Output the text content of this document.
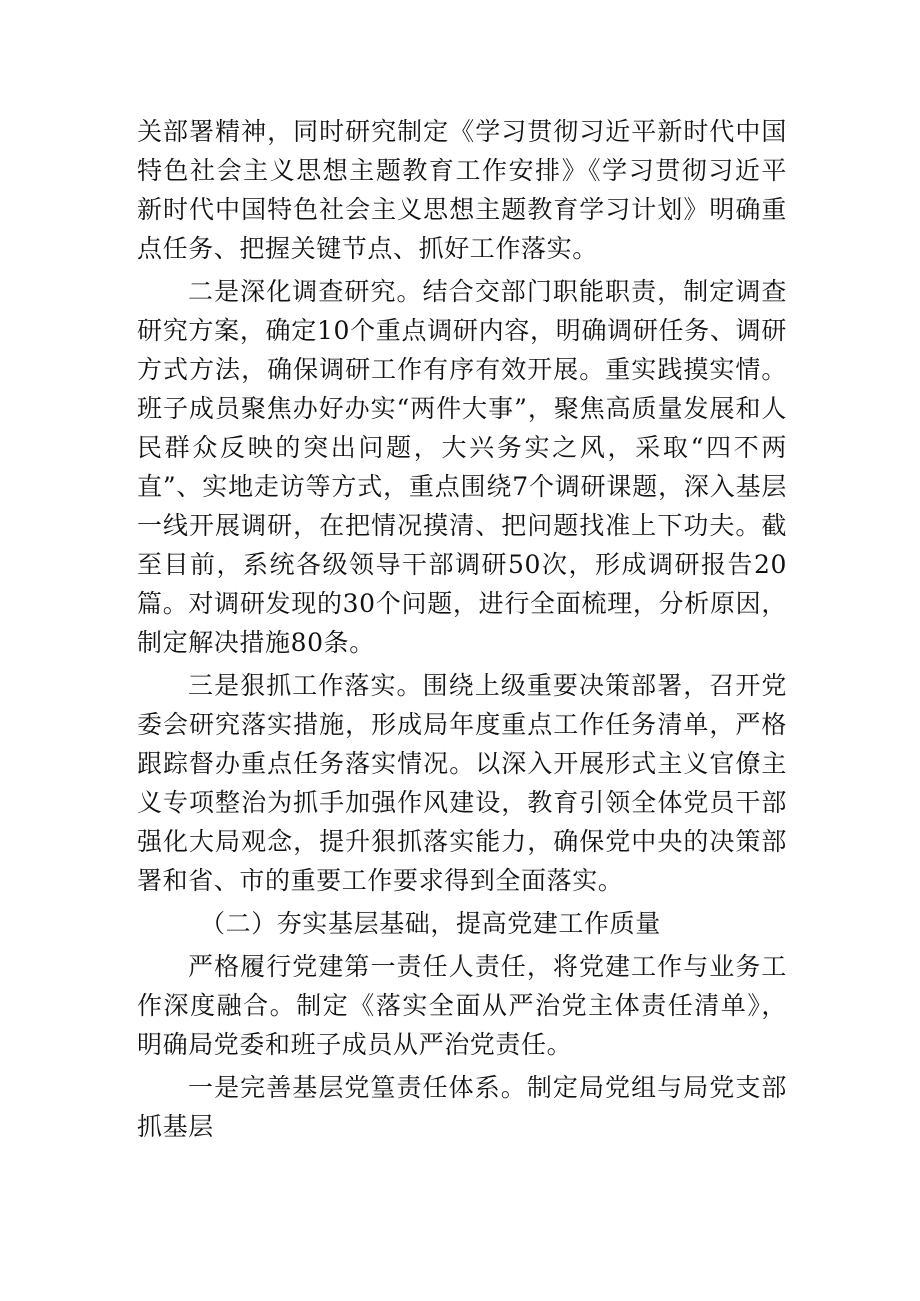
关部署精神，同时研究制定《学习贯彻习近平新时代中国特色社会主义思想主题教育工作安排》《学习贯彻习近平新时代中国特色社会主义思想主题教育学习计划》明确重点任务、把握关键节点、抓好工作落实。

二是深化调查研究。结合交部门职能职责，制定调查研究方案，确定10个重点调研内容，明确调研任务、调研方式方法，确保调研工作有序有效开展。重实践摸实情。班子成员聚焦办好办实“两件大事”，聚焦高质量发展和人民群众反映的突出问题，大兴务实之风，采取“四不两直”、实地走访等方式，重点围绕7个调研课题，深入基层一线开展调研，在把情况摸清、把问题找准上下功夫。截至目前，系统各级领导干部调研50次，形成调研报告20篇。对调研发现的30个问题，进行全面梳理，分析原因，制定解决措施80条。

三是狠抓工作落实。围绕上级重要决策部署，召开党委会研究落实措施，形成局年度重点工作任务清单，严格跟踪督办重点任务落实情况。以深入开展形式主义官僚主义专项整治为抓手加强作风建设，教育引领全体党员干部强化大局观念，提升狠抓落实能力，确保党中央的决策部署和省、市的重要工作要求得到全面落实。

（二）夯实基层基础，提高党建工作质量

严格履行党建第一责任人责任，将党建工作与业务工作深度融合。制定《落实全面从严治党主体责任清单》，明确局党委和班子成员从严治党责任。

一是完善基层党篁责任体系。制定局党组与局党支部抓基层
